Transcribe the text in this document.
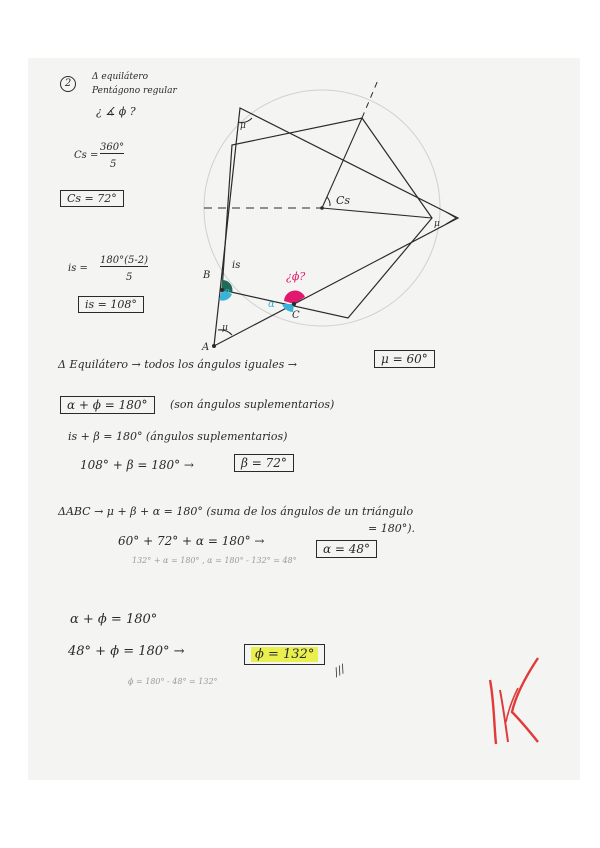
μ
μ
μ
Cs
is
β
α
¿ϕ?
B
C
A
2
Δ equilátero
Pentágono regular
¿ ∡ ϕ ?
Cs =
360°
5
Cs = 72°
is =
180°(5-2)
5
is = 108°
Δ Equilátero → todos los ángulos iguales →	μ = 60°
α + ϕ = 180°	(son ángulos suplementarios)
is + β = 180° (ángulos suplementarios)
108° + β = 180° →	β = 72°
ΔABC → μ + β + α = 180° (suma de los ángulos de un triángulo
= 180°).
60° + 72° + α = 180° →
α = 48°
132° + α = 180° , α = 180° - 132° = 48°
α + ϕ = 180°
48° + ϕ = 180° →	ϕ = 132°
///
ϕ = 180° - 48° = 132°
